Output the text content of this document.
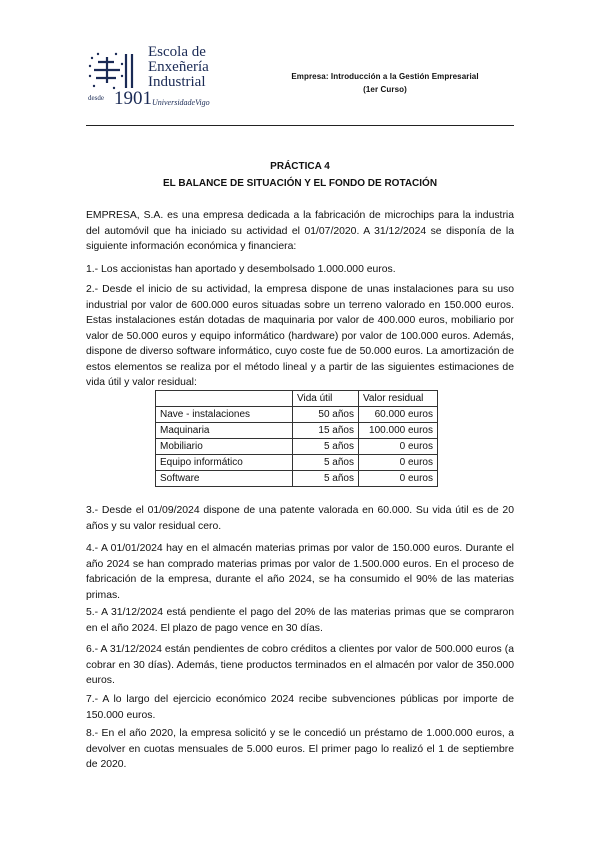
Escola de
Enxeñería
Industrial
desde 1901 UniversidadeVigo
Empresa: Introducción a la Gestión Empresarial
(1er Curso)
PRÁCTICA 4
EL BALANCE DE SITUACIÓN Y EL FONDO DE ROTACIÓN
EMPRESA, S.A. es una empresa dedicada a la fabricación de microchips para la industria del automóvil que ha iniciado su actividad el 01/07/2020. A 31/12/2024 se disponía de la siguiente información económica y financiera:
1.- Los accionistas han aportado y desembolsado 1.000.000 euros.
2.- Desde el inicio de su actividad, la empresa dispone de unas instalaciones para su uso industrial por valor de 600.000 euros situadas sobre un terreno valorado en 150.000 euros. Estas instalaciones están dotadas de maquinaria por valor de 400.000 euros, mobiliario por valor de 50.000 euros y equipo informático (hardware) por valor de 100.000 euros. Además, dispone de diverso software informático, cuyo coste fue de 50.000 euros. La amortización de estos elementos se realiza por el método lineal y a partir de las siguientes estimaciones de vida útil y valor residual:
	Vida útil	Valor residual
Nave - instalaciones	50 años	60.000 euros
Maquinaria	15 años	100.000 euros
Mobiliario	5 años	0 euros
Equipo informático	5 años	0 euros
Software	5 años	0 euros
3.- Desde el 01/09/2024 dispone de una patente valorada en 60.000. Su vida útil es de 20 años y su valor residual cero.
4.- A 01/01/2024 hay en el almacén materias primas por valor de 150.000 euros. Durante el año 2024 se han comprado materias primas por valor de 1.500.000 euros. En el proceso de fabricación de la empresa, durante el año 2024, se ha consumido el 90% de las materias primas.
5.- A 31/12/2024 está pendiente el pago del 20% de las materias primas que se compraron en el año 2024. El plazo de pago vence en 30 días.
6.- A 31/12/2024 están pendientes de cobro créditos a clientes por valor de 500.000 euros (a cobrar en 30 días). Además, tiene productos terminados en el almacén por valor de 350.000 euros.
7.- A lo largo del ejercicio económico 2024 recibe subvenciones públicas por importe de 150.000 euros.
8.- En el año 2020, la empresa solicitó y se le concedió un préstamo de 1.000.000 euros, a devolver en cuotas mensuales de 5.000 euros. El primer pago lo realizó el 1 de septiembre de 2020.
